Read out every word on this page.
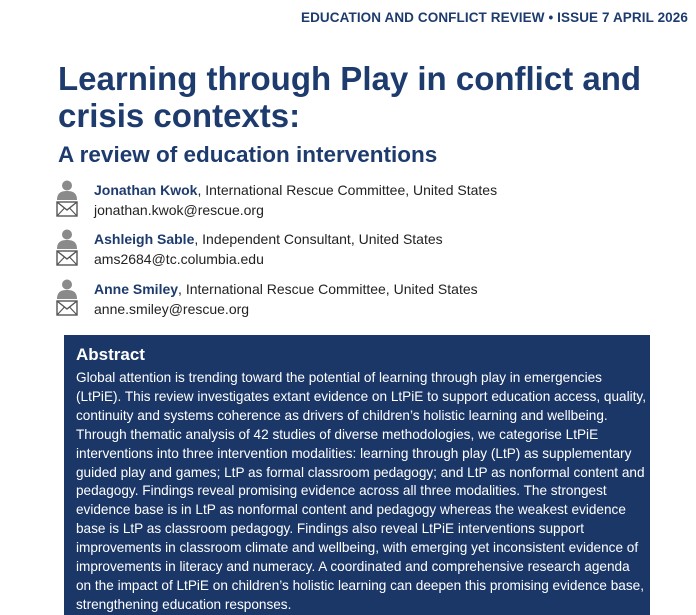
EDUCATION AND CONFLICT REVIEW • ISSUE 7 APRIL 2026
Learning through Play in conflict and crisis contexts:
A review of education interventions
Jonathan Kwok, International Rescue Committee, United States
jonathan.kwok@rescue.org
Ashleigh Sable, Independent Consultant, United States
ams2684@tc.columbia.edu
Anne Smiley, International Rescue Committee, United States
anne.smiley@rescue.org
Abstract

Global attention is trending toward the potential of learning through play in emergencies (LtPiE). This review investigates extant evidence on LtPiE to support education access, quality, continuity and systems coherence as drivers of children’s holistic learning and wellbeing. Through thematic analysis of 42 studies of diverse methodologies, we categorise LtPiE interventions into three intervention modalities: learning through play (LtP) as supplementary guided play and games; LtP as formal classroom pedagogy; and LtP as nonformal content and pedagogy. Findings reveal promising evidence across all three modalities. The strongest evidence base is in LtP as nonformal content and pedagogy whereas the weakest evidence base is LtP as classroom pedagogy. Findings also reveal LtPiE interventions support improvements in classroom climate and wellbeing, with emerging yet inconsistent evidence of improvements in literacy and numeracy. A coordinated and comprehensive research agenda on the impact of LtPiE on children’s holistic learning can deepen this promising evidence base, strengthening education responses.
